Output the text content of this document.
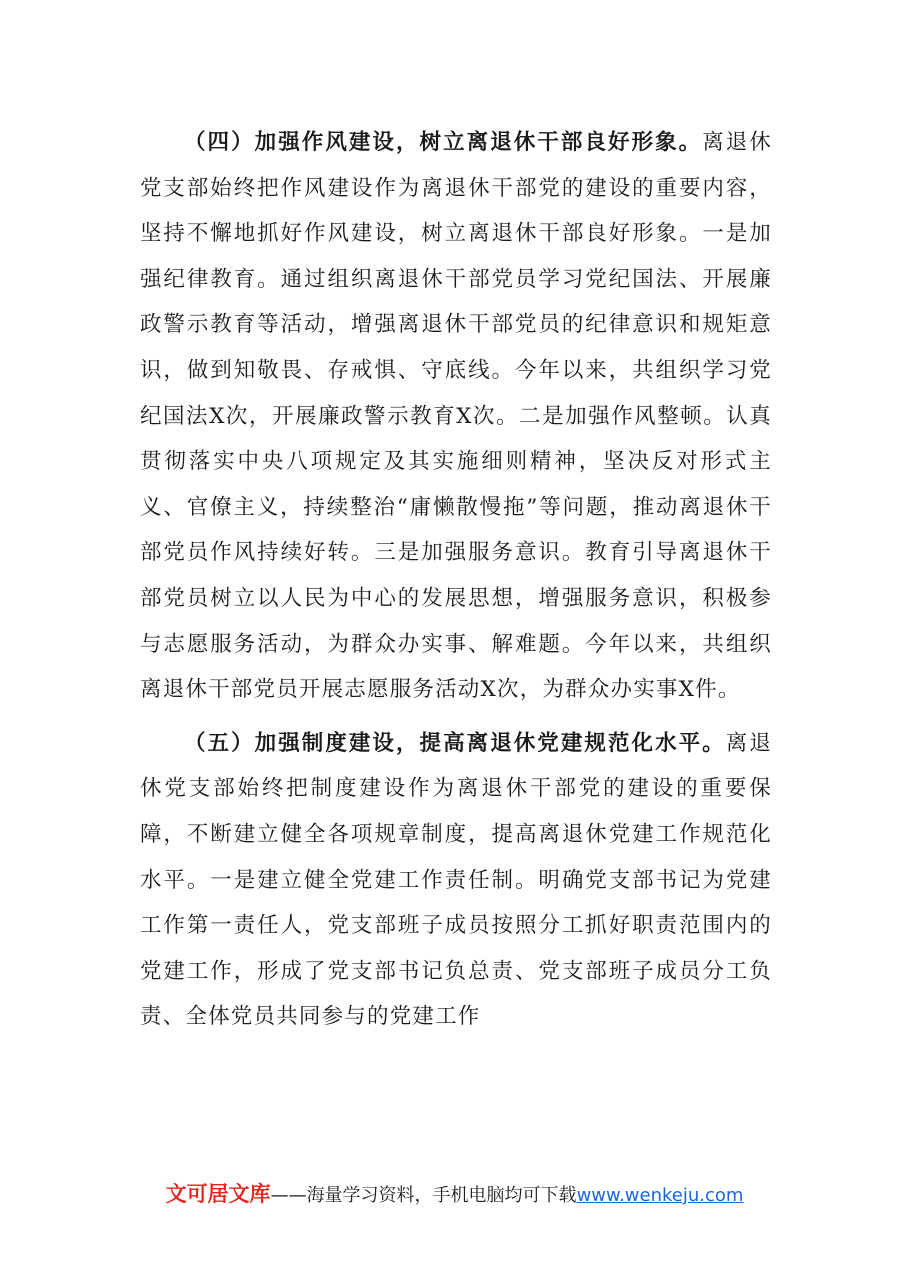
（四）加强作风建设，树立离退休干部良好形象。离退休党支部始终把作风建设作为离退休干部党的建设的重要内容，坚持不懈地抓好作风建设，树立离退休干部良好形象。一是加强纪律教育。通过组织离退休干部党员学习党纪国法、开展廉政警示教育等活动，增强离退休干部党员的纪律意识和规矩意识，做到知敬畏、存戒惧、守底线。今年以来，共组织学习党纪国法X次，开展廉政警示教育X次。二是加强作风整顿。认真贯彻落实中央八项规定及其实施细则精神，坚决反对形式主义、官僚主义，持续整治“庸懒散慢拖”等问题，推动离退休干部党员作风持续好转。三是加强服务意识。教育引导离退休干部党员树立以人民为中心的发展思想，增强服务意识，积极参与志愿服务活动，为群众办实事、解难题。今年以来，共组织离退休干部党员开展志愿服务活动X次，为群众办实事X件。

（五）加强制度建设，提高离退休党建规范化水平。离退休党支部始终把制度建设作为离退休干部党的建设的重要保障，不断建立健全各项规章制度，提高离退休党建工作规范化水平。一是建立健全党建工作责任制。明确党支部书记为党建工作第一责任人，党支部班子成员按照分工抓好职责范围内的党建工作，形成了党支部书记负总责、党支部班子成员分工负责、全体党员共同参与的党建工作

文可居文库——海量学习资料，手机电脑均可下载www.wenkeju.com
